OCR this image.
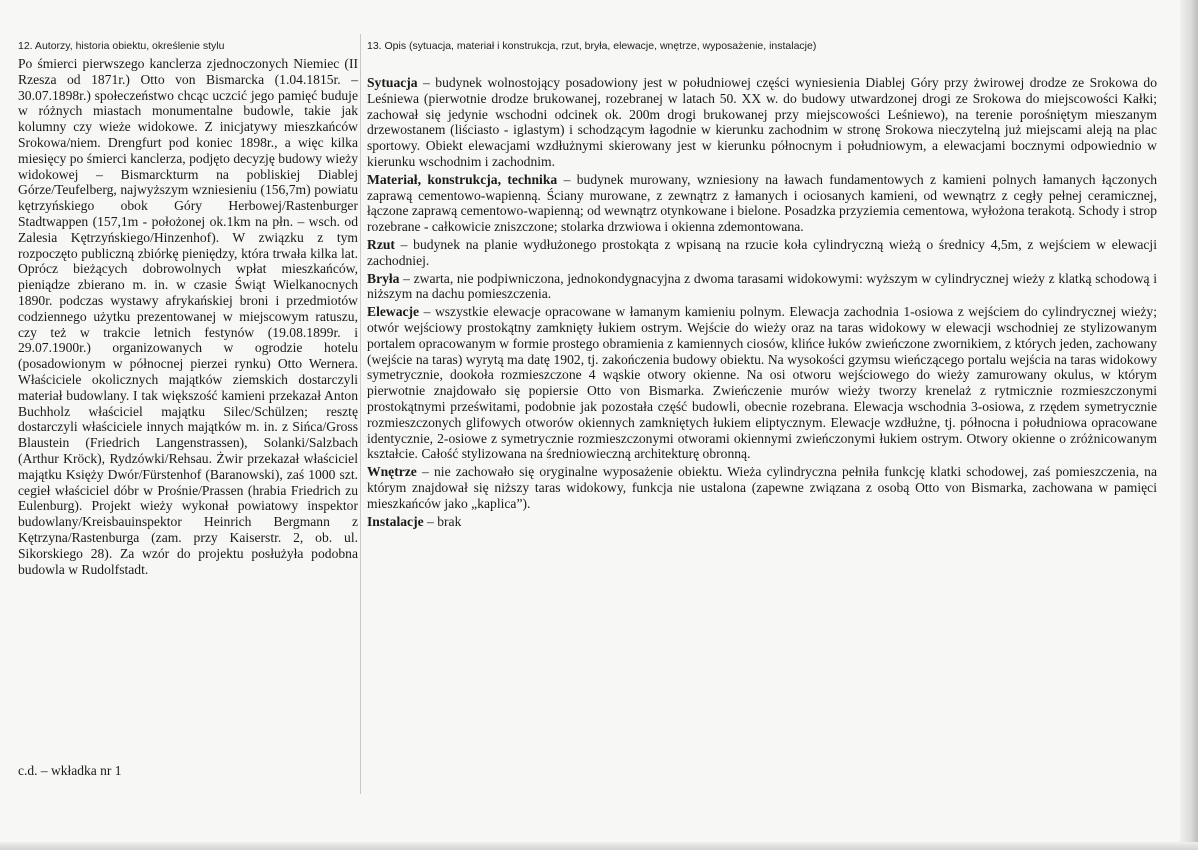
12. Autorzy, historia obiektu, określenie stylu

Po śmierci pierwszego kanclerza zjednoczonych Niemiec (II Rzesza od 1871r.) Otto von Bismarcka (1.04.1815r. – 30.07.1898r.) społeczeństwo chcąc uczcić jego pamięć buduje w różnych miastach monumentalne budowle, takie jak kolumny czy wieże widokowe. Z inicjatywy mieszkańców Srokowa/niem. Drengfurt pod koniec 1898r., a więc kilka miesięcy po śmierci kanclerza, podjęto decyzję budowy wieży widokowej – Bismarckturm na pobliskiej Diablej Górze/Teufelberg, najwyższym wzniesieniu (156,7m) powiatu kętrzyńskiego obok Góry Herbowej/Rastenburger Stadtwappen (157,1m - położonej ok.1km na płn. – wsch. od Zalesia Kętrzyńskiego/Hinzenhof). W związku z tym rozpoczęto publiczną zbiórkę pieniędzy, która trwała kilka lat. Oprócz bieżących dobrowolnych wpłat mieszkańców, pieniądze zbierano m. in. w czasie Świąt Wielkanocnych 1890r. podczas wystawy afrykańskiej broni i przedmiotów codziennego użytku prezentowanej w miejscowym ratuszu, czy też w trakcie letnich festynów (19.08.1899r. i 29.07.1900r.) organizowanych w ogrodzie hotelu (posadowionym w północnej pierzei rynku) Otto Wernera. Właściciele okolicznych majątków ziemskich dostarczyli materiał budowlany. I tak większość kamieni przekazał Anton Buchholz właściciel majątku Silec/Schülzen; resztę dostarczyli właściciele innych majątków m. in. z Sińca/Gross Blaustein (Friedrich Langenstrassen), Solanki/Salzbach (Arthur Kröck), Rydzówki/Rehsau. Żwir przekazał właściciel majątku Księży Dwór/Fürstenhof (Baranowski), zaś 1000 szt. cegieł właściciel dóbr w Prośnie/Prassen (hrabia Friedrich zu Eulenburg). Projekt wieży wykonał powiatowy inspektor budowlany/Kreisbauinspektor Heinrich Bergmann z Kętrzyna/Rastenburga (zam. przy Kaiserstr. 2, ob. ul. Sikorskiego 28). Za wzór do projektu posłużyła podobna budowla w Rudolfstadt.

c.d. – wkładka nr 1

13. Opis (sytuacja, materiał i konstrukcja, rzut, bryła, elewacje, wnętrze, wyposażenie, instalacje)

Sytuacja – budynek wolnostojący posadowiony jest w południowej części wyniesienia Diablej Góry przy żwirowej drodze ze Srokowa do Leśniewa (pierwotnie drodze brukowanej, rozebranej w latach 50. XX w. do budowy utwardzonej drogi ze Srokowa do miejscowości Kałki; zachował się jedynie wschodni odcinek ok. 200m drogi brukowanej przy miejscowości Leśniewo), na terenie porośniętym mieszanym drzewostanem (liściasto - iglastym) i schodzącym łagodnie w kierunku zachodnim w stronę Srokowa nieczytelną już miejscami aleją na plac sportowy. Obiekt elewacjami wzdłużnymi skierowany jest w kierunku północnym i południowym, a elewacjami bocznymi odpowiednio w kierunku wschodnim i zachodnim.

Materiał, konstrukcja, technika – budynek murowany, wzniesiony na ławach fundamentowych z kamieni polnych łamanych łączonych zaprawą cementowo-wapienną. Ściany murowane, z zewnątrz z łamanych i ociosanych kamieni, od wewnątrz z cegły pełnej ceramicznej, łączone zaprawą cementowo-wapienną; od wewnątrz otynkowane i bielone. Posadzka przyziemia cementowa, wyłożona terakotą. Schody i strop rozebrane - całkowicie zniszczone; stolarka drzwiowa i okienna zdemontowana.

Rzut – budynek na planie wydłużonego prostokąta z wpisaną na rzucie koła cylindryczną wieżą o średnicy 4,5m, z wejściem w elewacji zachodniej.

Bryła – zwarta, nie podpiwniczona, jednokondygnacyjna z dwoma tarasami widokowymi: wyższym w cylindrycznej wieży z klatką schodową i niższym na dachu pomieszczenia.

Elewacje – wszystkie elewacje opracowane w łamanym kamieniu polnym. Elewacja zachodnia 1-osiowa z wejściem do cylindrycznej wieży; otwór wejściowy prostokątny zamknięty łukiem ostrym. Wejście do wieży oraz na taras widokowy w elewacji wschodniej ze stylizowanym portalem opracowanym w formie prostego obramienia z kamiennych ciosów, klińce łuków zwieńczone zwornikiem, z których jeden, zachowany (wejście na taras) wyrytą ma datę 1902, tj. zakończenia budowy obiektu. Na wysokości gzymsu wieńczącego portalu wejścia na taras widokowy symetrycznie, dookoła rozmieszczone 4 wąskie otwory okienne. Na osi otworu wejściowego do wieży zamurowany okulus, w którym pierwotnie znajdowało się popiersie Otto von Bismarka. Zwieńczenie murów wieży tworzy krenelaż z rytmicznie rozmieszczonymi prostokątnymi prześwitami, podobnie jak pozostała część budowli, obecnie rozebrana. Elewacja wschodnia 3-osiowa, z rzędem symetrycznie rozmieszczonych glifowych otworów okiennych zamkniętych łukiem eliptycznym. Elewacje wzdłużne, tj. północna i południowa opracowane identycznie, 2-osiowe z symetrycznie rozmieszczonymi otworami okiennymi zwieńczonymi łukiem ostrym. Otwory okienne o zróżnicowanym kształcie. Całość stylizowana na średniowieczną architekturę obronną.

Wnętrze – nie zachowało się oryginalne wyposażenie obiektu. Wieża cylindryczna pełniła funkcję klatki schodowej, zaś pomieszczenia, na którym znajdował się niższy taras widokowy, funkcja nie ustalona (zapewne związana z osobą Otto von Bismarka, zachowana w pamięci mieszkańców jako „kaplica”).

Instalacje – brak
